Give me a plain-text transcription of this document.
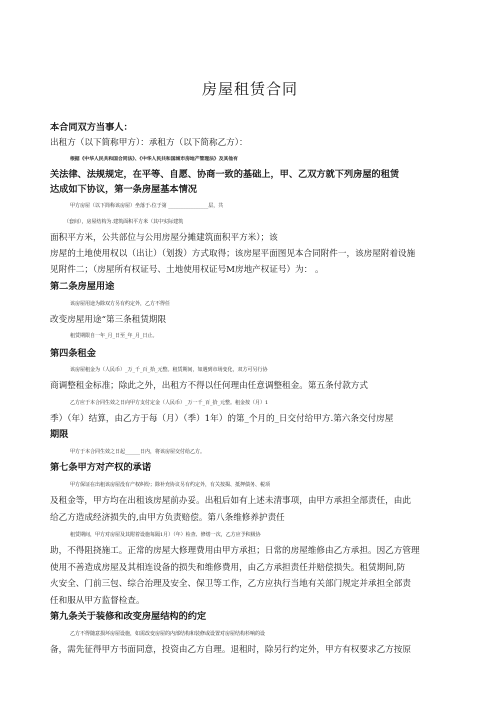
房屋租赁合同
本合同双方当事人：
出租方（以下简称甲方）：承租方（以下简称乙方）：
根据《中华人民共和国合同法》、《中华人民共和国城市房地产管理法》及其他有
关法律、法规规定，在平等、自愿、协商一致的基础上，甲、乙双方就下列房屋的租赁
达成如下协议，第一条房屋基本情况
甲方房屋（以下简称该房屋）坐落于:位于第 ________________层，共
（套间），房屋结构为.建筑面积平方米（其中实际建筑
面积平方米，公共部位与公用房屋分摊建筑面积平方米）；该
房屋的土地使用权以（出让）（划拨）方式取得；该房屋平面图见本合同附件一，该房屋附着设施
见附件二；（房屋所有权证号、土地使用权证号M房地产权证号）为： 。
第二条房屋用途
该房屋用途为除双方另有约定外，乙方不得任
改变房屋用途“第三条租赁期限
租赁期限自一年_月_日至_年_月_日止。
第四条租金
该房屋租金为（人民币）_万_千_百_拾_元整。租赁期间，如遇到市场变化，双方可另行协
商调整租金标准；除此之外，出租方不得以任何理由任意调整租金。第五条付款方式
乙方应于本合同生效之日向甲方支付定金（人民币）_万一千_百_拾_元整。租金按（月）1
季）（年）结算，由乙方于每（月）（季）1年）的第_个月的_日交付给甲方.第六条交付房屋
期限
甲方于本合同生效之日起______日内，将该房屋交付给乙方。
第七条甲方对产权的承诺
甲方保证在出租该房屋没有产权纠纷；除补充协议另有约定外，有关按揭、抵押债务、税项
及租金等，甲方均在出租该房屋前办妥。出租后如有上述未清事项，由甲方承担全部责任，由此
给乙方造成经济损失的,由甲方负责赔偿。第八条维修养护责任
租赁期间，甲方对房屋及其附着设施每隔1月）（年）检查、修缮一次，乙方应予积极协
助，不得阻挠施工。正常的房屋大修理费用由甲方承担；日常的房屋维修由乙方承担。因乙方管理
使用不善造成房屋及其相连设备的损失和维修费用，由乙方承担责任并赔偿损失。租赁期间,防
火安全、门前三包、综合治理及安全、保卫等工作，乙方应执行当地有关部门规定并承担全部责
任和服从甲方监督检查。
第九条关于装修和改变房屋结构的约定
乙方不得随意损坏房屋设施，如需改变房屋的内部结构和装修或设置对房屋结构杉响的设
备，需先征得甲方书面同意，投资由乙方自理。退租时，除另行约定外，甲方有权要求乙方按原
